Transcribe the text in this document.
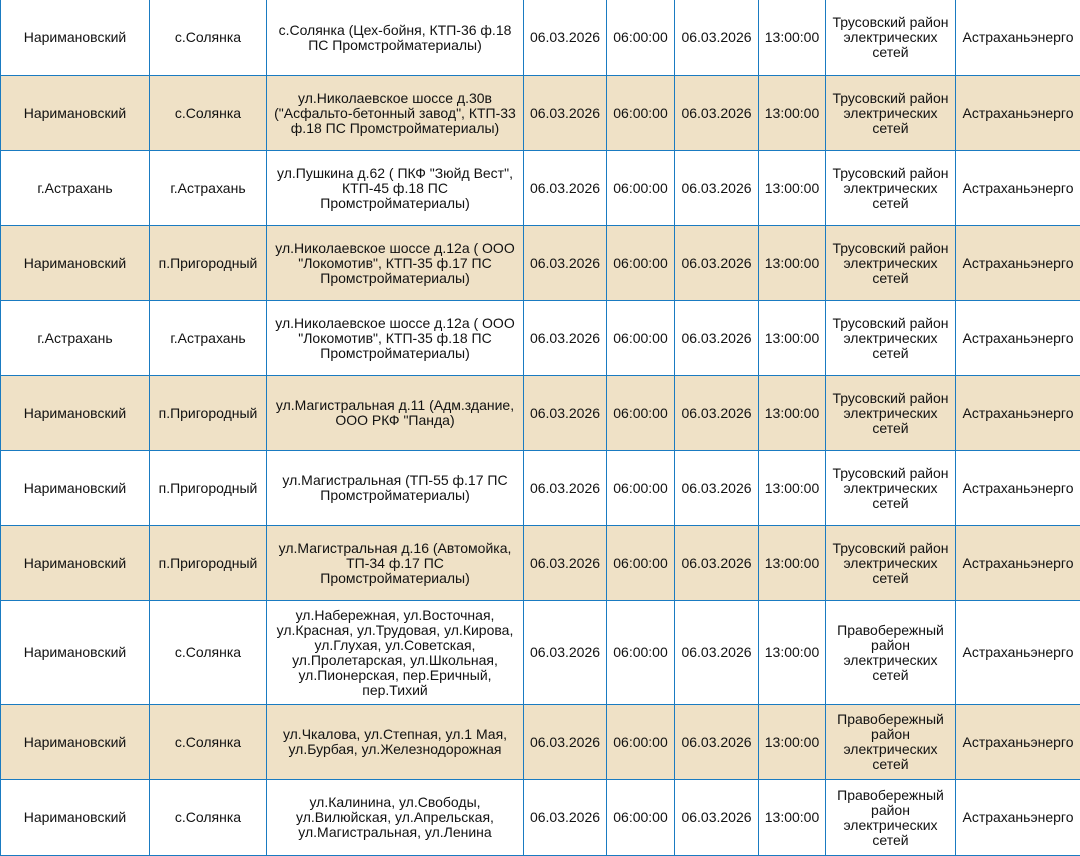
Наримановский	с.Солянка	с.Солянка (Цех-бойня, КТП-36 ф.18 ПС Промстройматериалы)	06.03.2026	06:00:00	06.03.2026	13:00:00	Трусовский район электрических сетей	Астраханьэнерго
Наримановский	с.Солянка	ул.Николаевское шоссе д.30в ("Асфальто-бетонный завод", КТП-33 ф.18 ПС Промстройматериалы)	06.03.2026	06:00:00	06.03.2026	13:00:00	Трусовский район электрических сетей	Астраханьэнерго
г.Астрахань	г.Астрахань	ул.Пушкина д.62 ( ПКФ "Зюйд Вест", КТП-45 ф.18 ПС Промстройматериалы)	06.03.2026	06:00:00	06.03.2026	13:00:00	Трусовский район электрических сетей	Астраханьэнерго
Наримановский	п.Пригородный	ул.Николаевское шоссе д.12а ( ООО "Локомотив", КТП-35 ф.17 ПС Промстройматериалы)	06.03.2026	06:00:00	06.03.2026	13:00:00	Трусовский район электрических сетей	Астраханьэнерго
г.Астрахань	г.Астрахань	ул.Николаевское шоссе д.12а ( ООО "Локомотив", КТП-35 ф.18 ПС Промстройматериалы)	06.03.2026	06:00:00	06.03.2026	13:00:00	Трусовский район электрических сетей	Астраханьэнерго
Наримановский	п.Пригородный	ул.Магистральная д.11 (Адм.здание, ООО РКФ "Панда)	06.03.2026	06:00:00	06.03.2026	13:00:00	Трусовский район электрических сетей	Астраханьэнерго
Наримановский	п.Пригородный	ул.Магистральная (ТП-55 ф.17 ПС Промстройматериалы)	06.03.2026	06:00:00	06.03.2026	13:00:00	Трусовский район электрических сетей	Астраханьэнерго
Наримановский	п.Пригородный	ул.Магистральная д.16 (Автомойка, ТП-34 ф.17 ПС Промстройматериалы)	06.03.2026	06:00:00	06.03.2026	13:00:00	Трусовский район электрических сетей	Астраханьэнерго
Наримановский	с.Солянка	ул.Набережная, ул.Восточная, ул.Красная, ул.Трудовая, ул.Кирова, ул.Глухая, ул.Советская, ул.Пролетарская, ул.Школьная, ул.Пионерская, пер.Еричный, пер.Тихий	06.03.2026	06:00:00	06.03.2026	13:00:00	Правобережный район электрических сетей	Астраханьэнерго
Наримановский	с.Солянка	ул.Чкалова, ул.Степная, ул.1 Мая, ул.Бурбая, ул.Железнодорожная	06.03.2026	06:00:00	06.03.2026	13:00:00	Правобережный район электрических сетей	Астраханьэнерго
Наримановский	с.Солянка	ул.Калинина, ул.Свободы, ул.Вилюйская, ул.Апрельская, ул.Магистральная, ул.Ленина	06.03.2026	06:00:00	06.03.2026	13:00:00	Правобережный район электрических сетей	Астраханьэнерго
